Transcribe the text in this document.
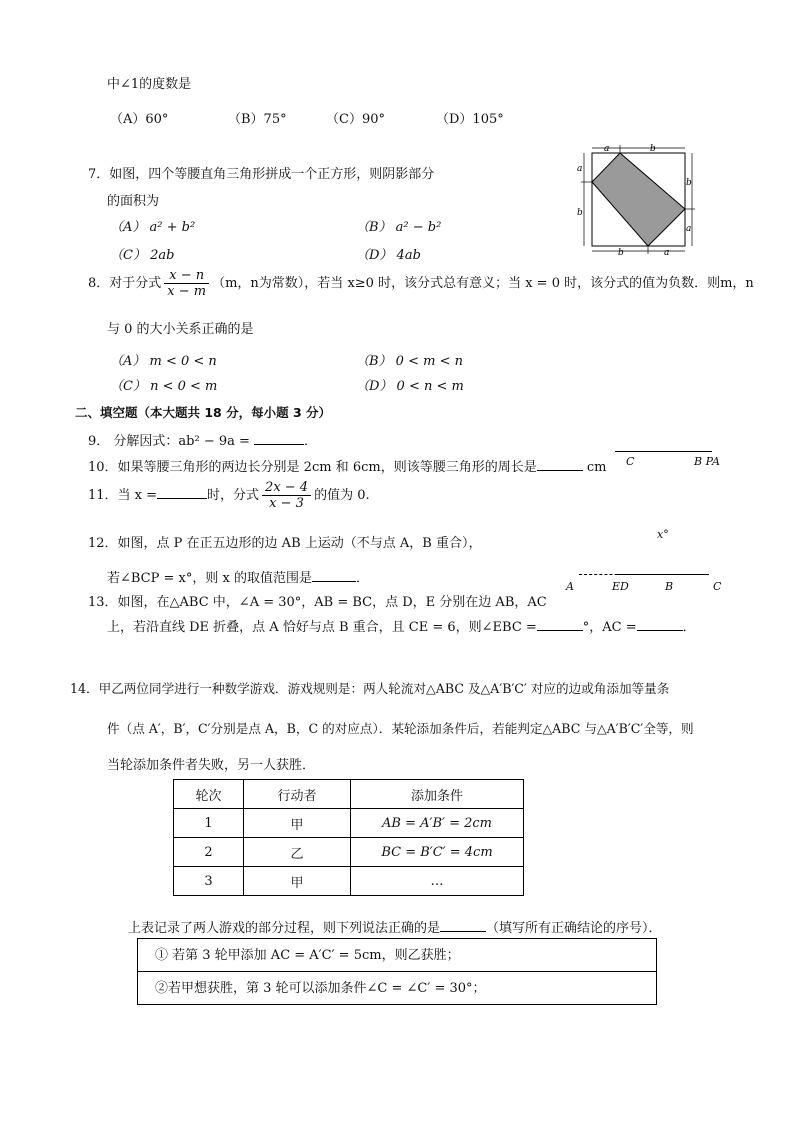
中∠1的度数是
（A）60°	（B）75°	（C）90°	（D）105°
7．如图，四个等腰直角三角形拼成一个正方形，则阴影部分
的面积为
（A） a² + b²	（B） a² − b²
（C） 2ab	（D） 4ab
a	b
a
b
b
a
b	a
8．对于分式 $\frac{x - n}{x - m} (m$，n为常数），若当 x≥0 时，该分式总有意义；当 x = 0 时，该分式的值为负数．则m，n
与 0 的大小关系正确的是
（A） m < 0 < n	（B） 0 < m < n
（C） n < 0 < m	（D） 0 < n < m
二、填空题（本大题共 18 分，每小题 3 分）
9． 分解因式：ab² − 9a =	．
10．如果等腰三角形的两边长分别是 2cm 和 6cm，则该等腰三角形的周长是	cm C	B PA
11．当 x =	时，分式 $\frac{2x - 4}{x - 3}$ 的值为 0.
12．如图，点 P 在正五边形的边 AB 上运动（不与点 A，B 重合），
若∠BCP = x°，则 x 的取值范围是	．
x°
A	ED	B	C
13．如图，在△ABC 中，∠A = 30°，AB = BC，点 D，E 分别在边 AB，AC
上，若沿直线 DE 折叠，点 A 恰好与点 B 重合，且 CE = 6，则∠EBC =	°，AC =	．
14．甲乙两位同学进行一种数学游戏．游戏规则是：两人轮流对△ABC 及△A′B′C′ 对应的边或角添加等量条
件（点 A′，B′，C′分别是点 A，B，C 的对应点）．某轮添加条件后，若能判定△ABC 与△A′B′C′全等，则
当轮添加条件者失败，另一人获胜．
轮次	行动者	添加条件
1	甲	AB = A′B′ = 2cm
2	乙	BC = B′C′ = 4cm
3	甲	…
上表记录了两人游戏的部分过程，则下列说法正确的是	（填写所有正确结论的序号）．
① 若第 3 轮甲添加 AC = A′C′ = 5cm，则乙获胜；
②若甲想获胜，第 3 轮可以添加条件∠C = ∠C′ = 30°；
